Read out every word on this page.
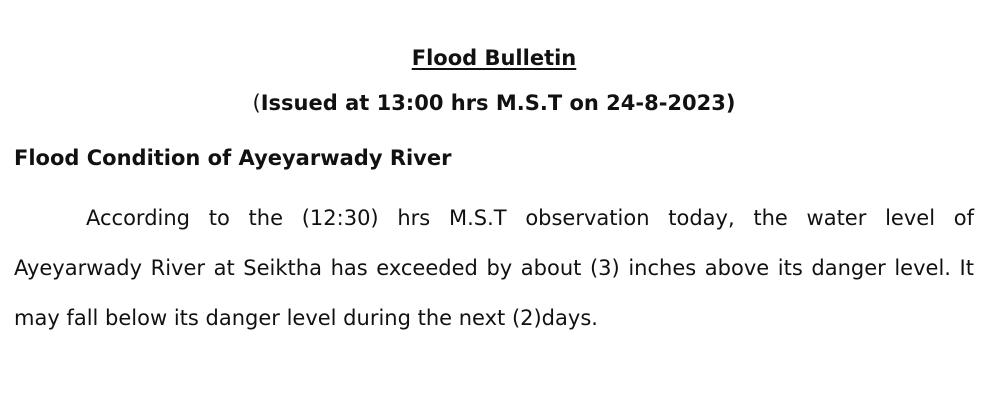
Flood Bulletin
(Issued at 13:00 hrs M.S.T on 24-8-2023)
Flood Condition of Ayeyarwady River

According to the (12:30) hrs M.S.T observation today, the water level of Ayeyarwady River at Seiktha has exceeded by about (3) inches above its danger level. It may fall below its danger level during the next (2)days.
